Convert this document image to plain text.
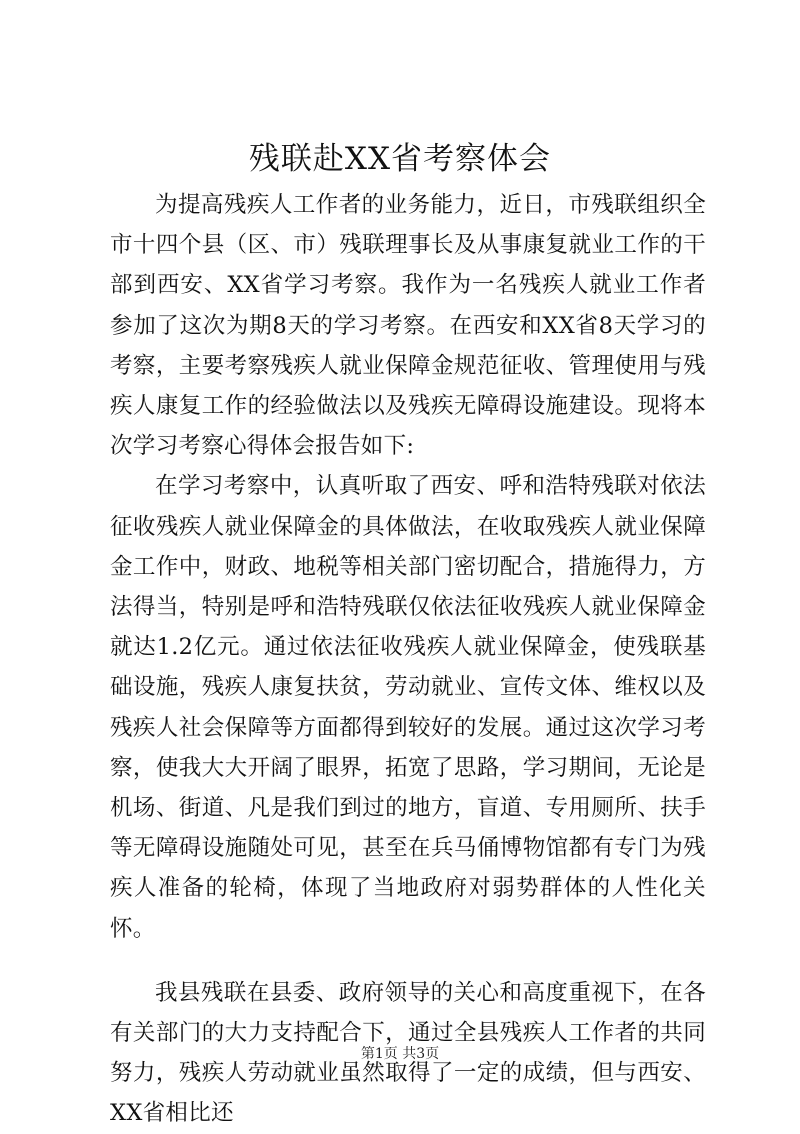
残联赴XX省考察体会

为提高残疾人工作者的业务能力，近日，市残联组织全市十四个县（区、市）残联理事长及从事康复就业工作的干部到西安、XX省学习考察。我作为一名残疾人就业工作者参加了这次为期8天的学习考察。在西安和XX省8天学习的考察，主要考察残疾人就业保障金规范征收、管理使用与残疾人康复工作的经验做法以及残疾无障碍设施建设。现将本次学习考察心得体会报告如下:

在学习考察中，认真听取了西安、呼和浩特残联对依法征收残疾人就业保障金的具体做法，在收取残疾人就业保障金工作中，财政、地税等相关部门密切配合，措施得力，方法得当，特别是呼和浩特残联仅依法征收残疾人就业保障金就达1.2亿元。通过依法征收残疾人就业保障金，使残联基础设施，残疾人康复扶贫，劳动就业、宣传文体、维权以及残疾人社会保障等方面都得到较好的发展。通过这次学习考察，使我大大开阔了眼界，拓宽了思路，学习期间，无论是机场、街道、凡是我们到过的地方，盲道、专用厕所、扶手等无障碍设施随处可见，甚至在兵马俑博物馆都有专门为残疾人准备的轮椅，体现了当地政府对弱势群体的人性化关怀。

我县残联在县委、政府领导的关心和高度重视下，在各有关部门的大力支持配合下，通过全县残疾人工作者的共同努力，残疾人劳动就业虽然取得了一定的成绩，但与西安、XX省相比还

第1页 共3页
